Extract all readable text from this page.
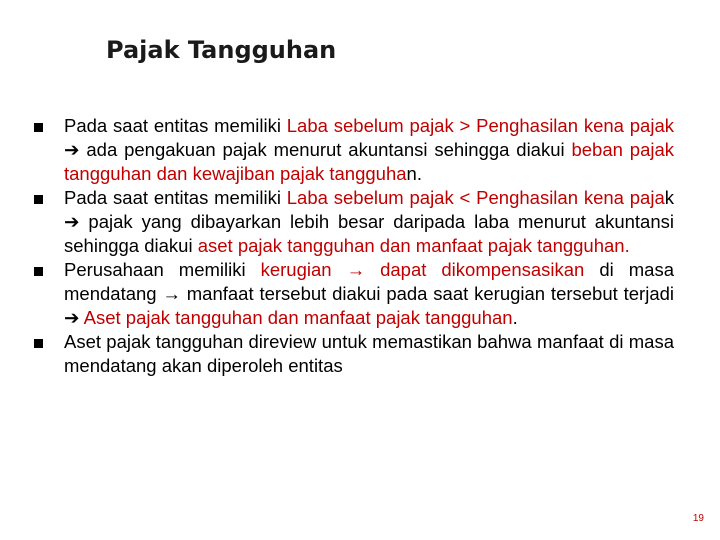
Pajak Tangguhan
Pada saat entitas memiliki Laba sebelum pajak > Penghasilan kena pajak ➔ ada pengakuan pajak menurut akuntansi sehingga diakui beban pajak tangguhan dan kewajiban pajak tangguhan.
Pada saat entitas memiliki Laba sebelum pajak < Penghasilan kena pajak ➔ pajak yang dibayarkan lebih besar daripada laba menurut akuntansi sehingga diakui aset pajak tangguhan dan manfaat pajak tangguhan.
Perusahaan memiliki kerugian → dapat dikompensasikan di masa mendatang → manfaat tersebut diakui pada saat kerugian tersebut terjadi ➔ Aset pajak tangguhan dan manfaat pajak tangguhan.
Aset pajak tangguhan direview untuk memastikan bahwa manfaat di masa mendatang akan diperoleh entitas
19
